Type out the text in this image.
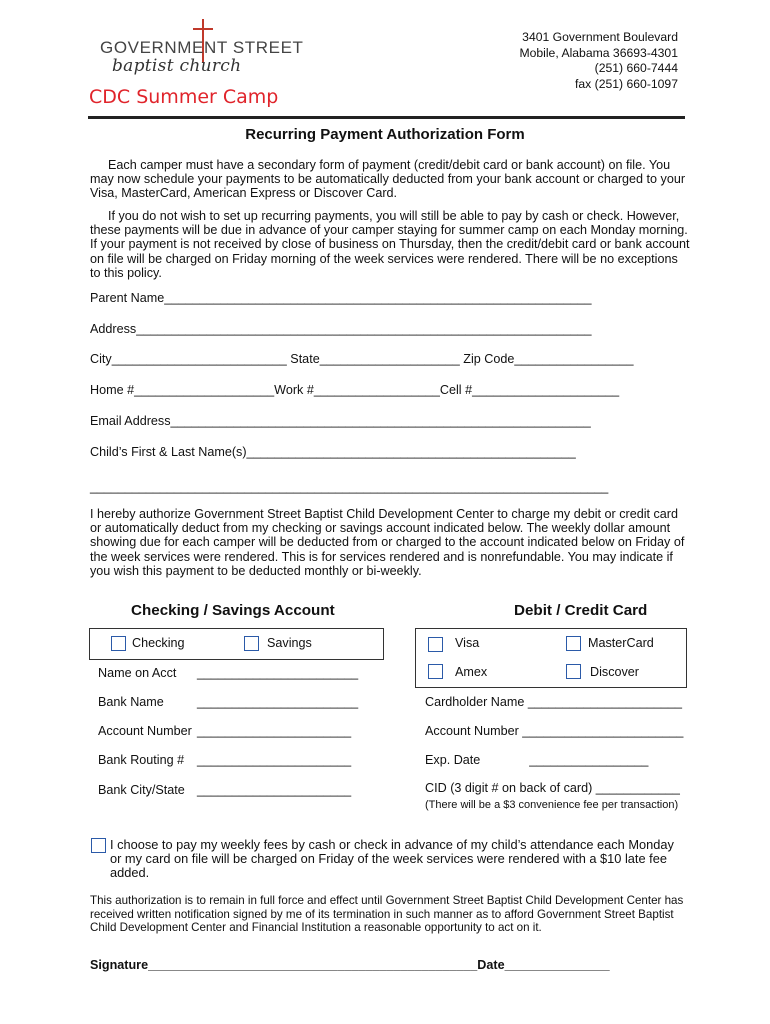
GOVERNMENT STREET
baptist church
CDC Summer Camp
3401 Government Boulevard
Mobile, Alabama 36693-4301
(251) 660-7444
fax (251) 660-1097
Recurring Payment Authorization Form
Each camper must have a secondary form of payment (credit/debit card or bank account) on file. You may now schedule your payments to be automatically deducted from your bank account or charged to your Visa, MasterCard, American Express or Discover Card.
If you do not wish to set up recurring payments, you will still be able to pay by cash or check. However, these payments will be due in advance of your camper staying for summer camp on each Monday morning. If your payment is not received by close of business on Thursday, then the credit/debit card or bank account on file will be charged on Friday morning of the week services were rendered. There will be no exceptions to this policy.
Parent Name_____________________________________________________________
Address_________________________________________________________________
City_________________________ State____________________ Zip Code_________________
Home #____________________Work #__________________Cell #_____________________
Email Address____________________________________________________________
Child’s First & Last Name(s)_______________________________________________
__________________________________________________________________________
I hereby authorize Government Street Baptist Child Development Center to charge my debit or credit card or automatically deduct from my checking or savings account indicated below. The weekly dollar amount showing due for each camper will be deducted from or charged to the account indicated below on Friday of the week services were rendered. This is for services rendered and is nonrefundable. You may indicate if you wish this payment to be deducted monthly or bi-weekly.
Checking / Savings Account	Debit / Credit Card
Checking	Savings
Name on Acct _______________________
Bank Name	_______________________
Account Number ______________________
Bank Routing # ______________________
Bank City/State ______________________
Visa	MasterCard
Amex	Discover
Cardholder Name ______________________
Account Number _______________________
Exp. Date              _________________
CID (3 digit # on back of card) ____________
(There will be a $3 convenience fee per transaction)
I choose to pay my weekly fees by cash or check in advance of my child’s attendance each Monday or my card on file will be charged on Friday of the week services were rendered with a $10 late fee added.
This authorization is to remain in full force and effect until Government Street Baptist Child Development Center has received written notification signed by me of its termination in such manner as to afford Government Street Baptist Child Development Center and Financial Institution a reasonable opportunity to act on it.
Signature_______________________________________________Date_______________
